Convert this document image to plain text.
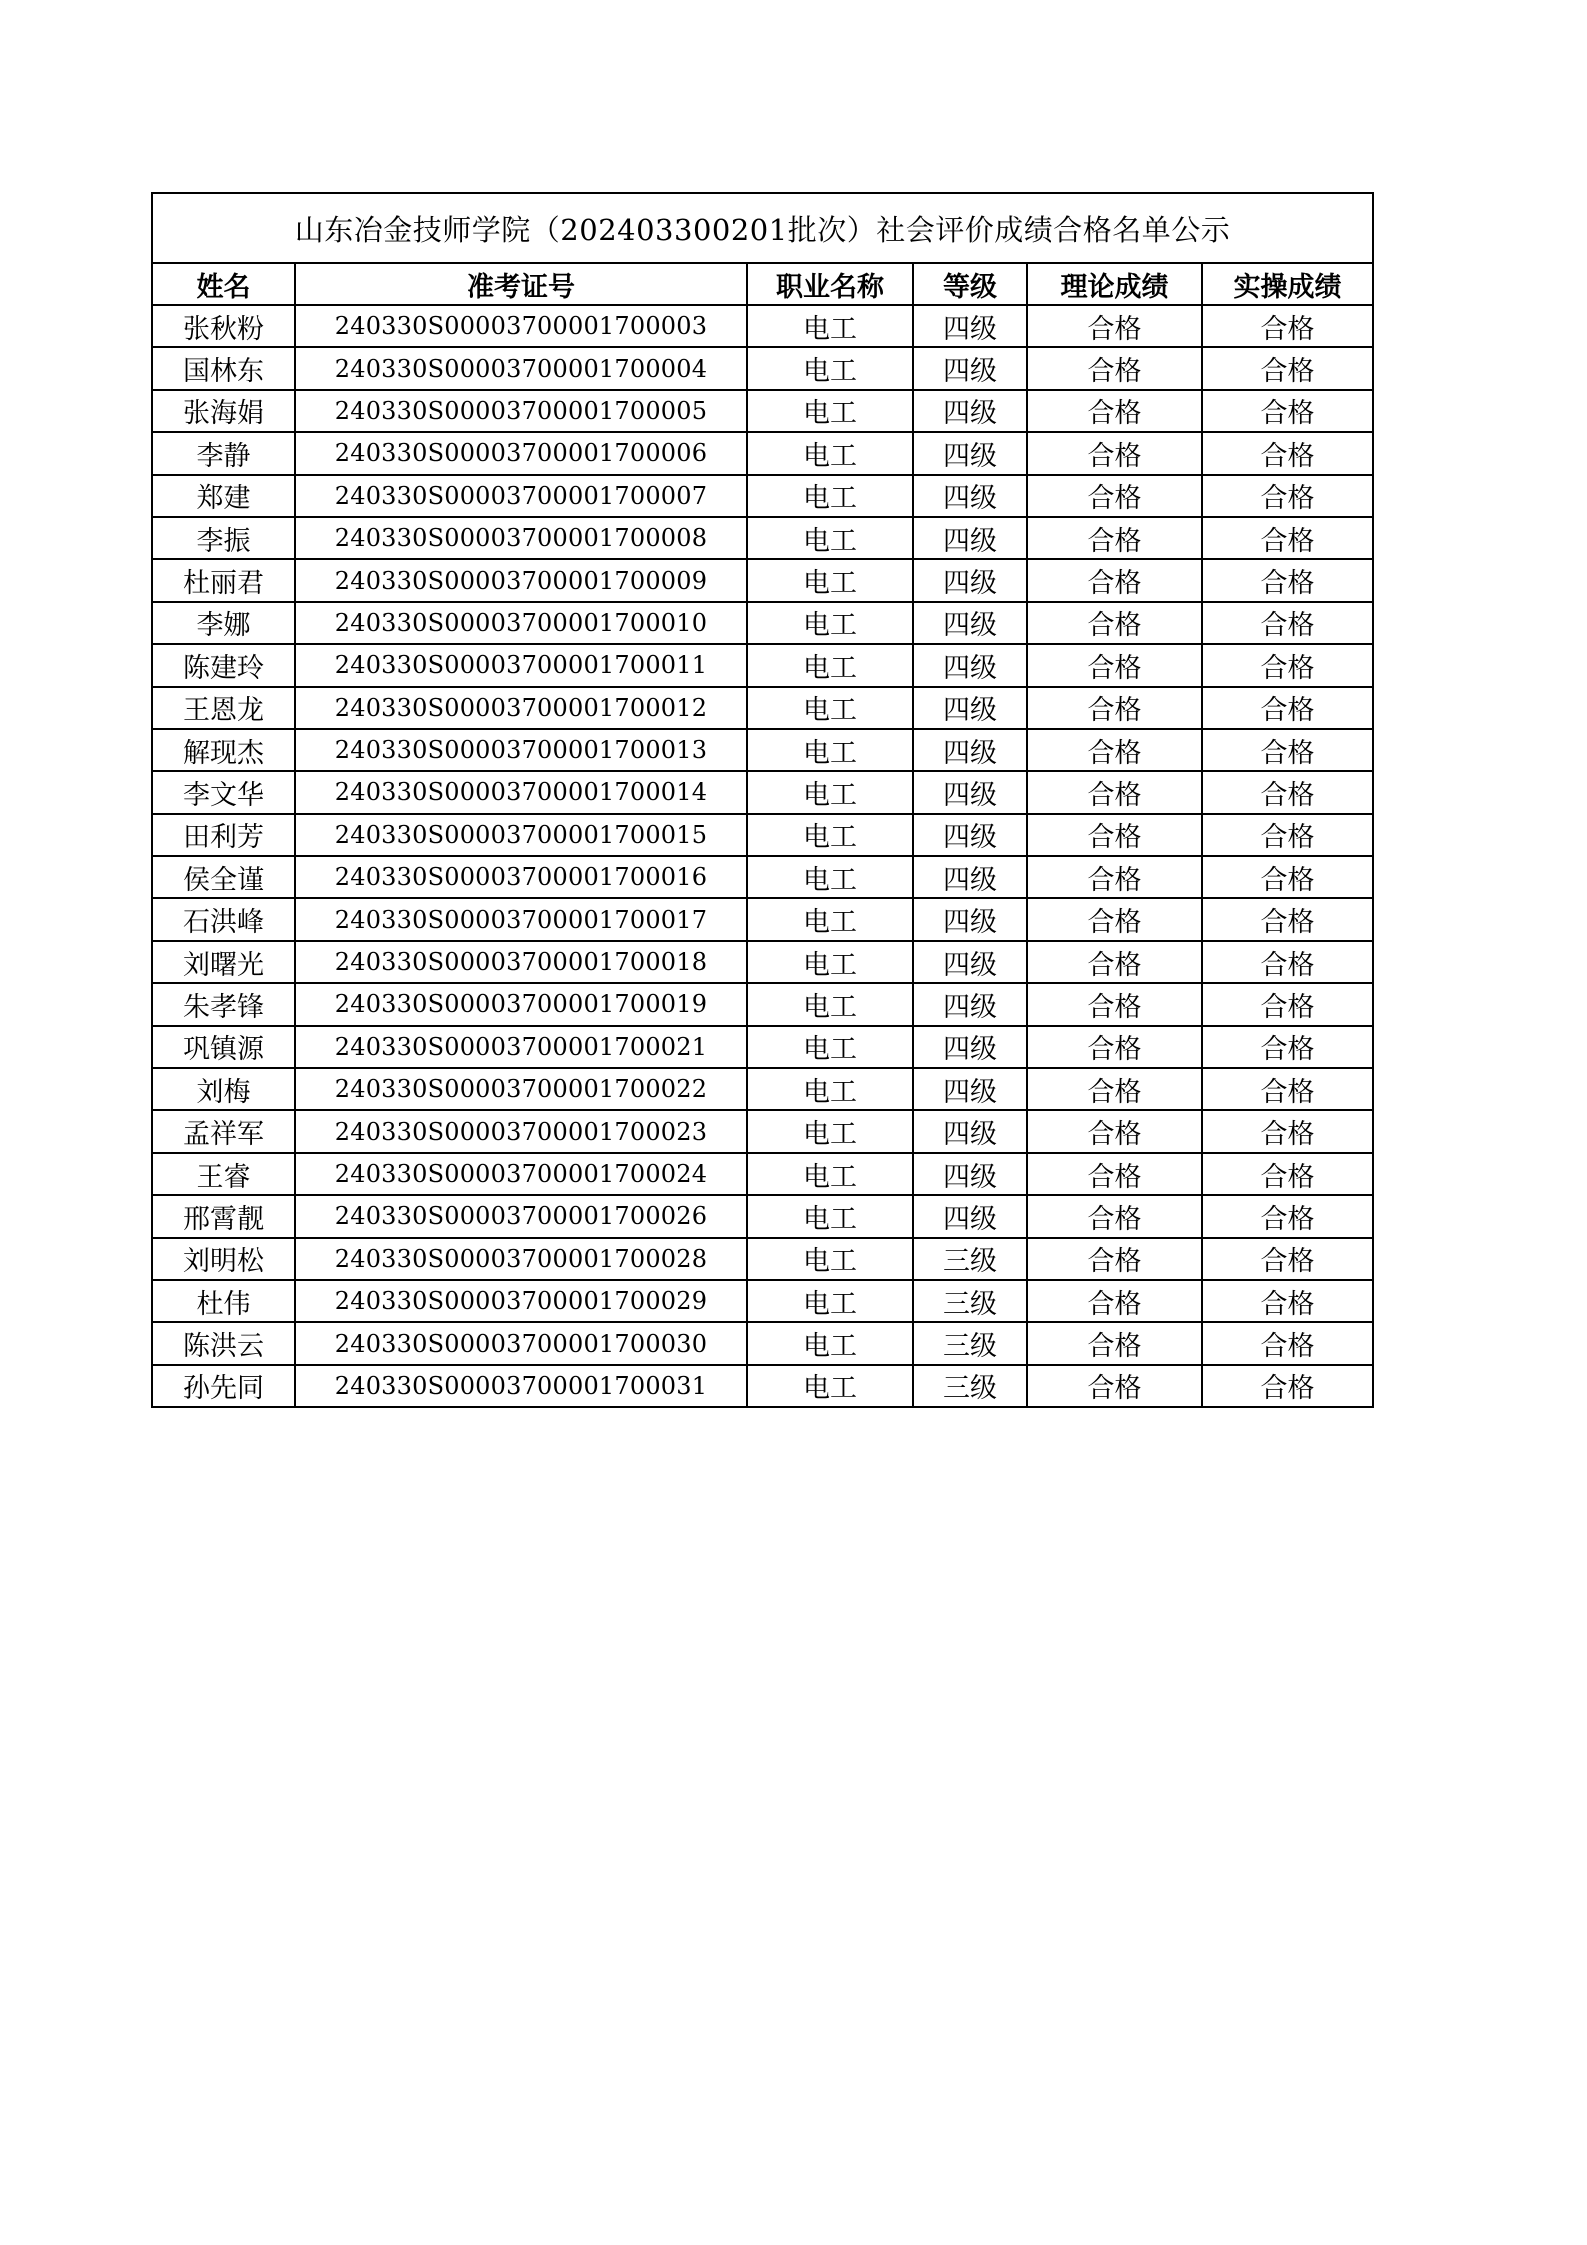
山东冶金技师学院（202403300201批次）社会评价成绩合格名单公示					
姓名	准考证号	职业名称	等级	理论成绩	实操成绩
张秋粉	240330S00003700001700003	电工	四级	合格	合格
国林东	240330S00003700001700004	电工	四级	合格	合格
张海娟	240330S00003700001700005	电工	四级	合格	合格
李静	240330S00003700001700006	电工	四级	合格	合格
郑建	240330S00003700001700007	电工	四级	合格	合格
李振	240330S00003700001700008	电工	四级	合格	合格
杜丽君	240330S00003700001700009	电工	四级	合格	合格
李娜	240330S00003700001700010	电工	四级	合格	合格
陈建玲	240330S00003700001700011	电工	四级	合格	合格
王恩龙	240330S00003700001700012	电工	四级	合格	合格
解现杰	240330S00003700001700013	电工	四级	合格	合格
李文华	240330S00003700001700014	电工	四级	合格	合格
田利芳	240330S00003700001700015	电工	四级	合格	合格
侯全谨	240330S00003700001700016	电工	四级	合格	合格
石洪峰	240330S00003700001700017	电工	四级	合格	合格
刘曙光	240330S00003700001700018	电工	四级	合格	合格
朱孝锋	240330S00003700001700019	电工	四级	合格	合格
巩镇源	240330S00003700001700021	电工	四级	合格	合格
刘梅	240330S00003700001700022	电工	四级	合格	合格
孟祥军	240330S00003700001700023	电工	四级	合格	合格
王睿	240330S00003700001700024	电工	四级	合格	合格
邢霄靓	240330S00003700001700026	电工	四级	合格	合格
刘明松	240330S00003700001700028	电工	三级	合格	合格
杜伟	240330S00003700001700029	电工	三级	合格	合格
陈洪云	240330S00003700001700030	电工	三级	合格	合格
孙先同	240330S00003700001700031	电工	三级	合格	合格
